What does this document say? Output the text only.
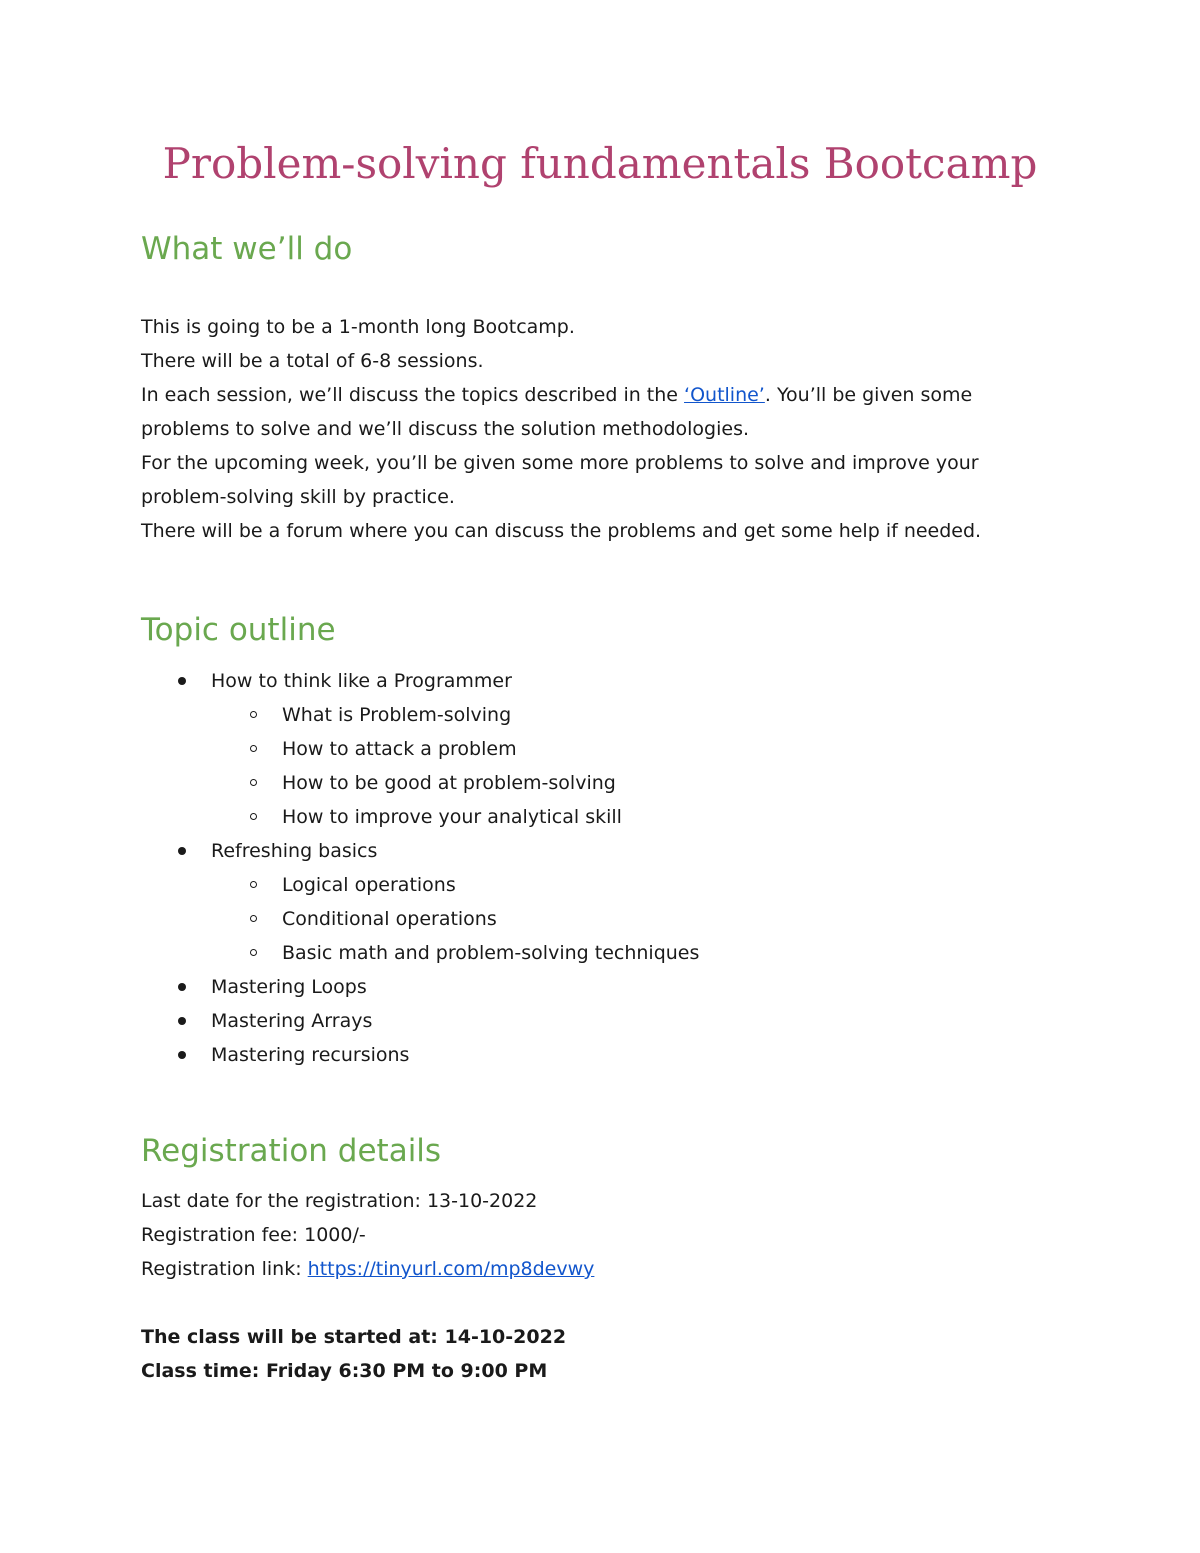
Problem-solving fundamentals Bootcamp
What we’ll do
This is going to be a 1-month long Bootcamp.
There will be a total of 6-8 sessions.
In each session, we’ll discuss the topics described in the ‘Outline’. You’ll be given some
problems to solve and we’ll discuss the solution methodologies.
For the upcoming week, you’ll be given some more problems to solve and improve your
problem-solving skill by practice.
There will be a forum where you can discuss the problems and get some help if needed.
Topic outline
How to think like a Programmer
What is Problem-solving
How to attack a problem
How to be good at problem-solving
How to improve your analytical skill
Refreshing basics
Logical operations
Conditional operations
Basic math and problem-solving techniques
Mastering Loops
Mastering Arrays
Mastering recursions
Registration details
Last date for the registration: 13-10-2022
Registration fee: 1000/-
Registration link: https://tinyurl.com/mp8devwy

The class will be started at: 14-10-2022
Class time: Friday 6:30 PM to 9:00 PM
